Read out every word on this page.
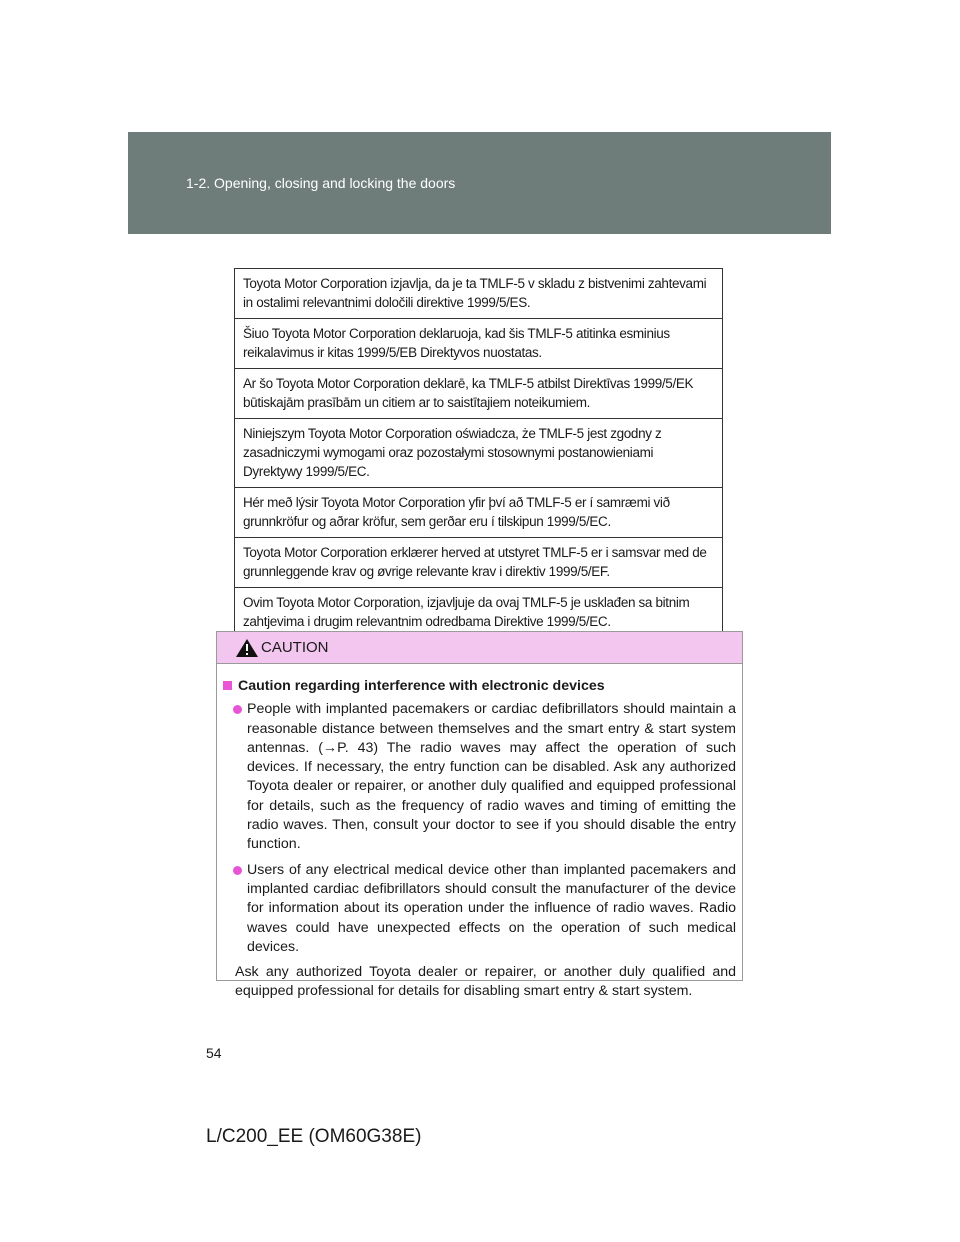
1-2. Opening, closing and locking the doors
Toyota Motor Corporation izjavlja, da je ta TMLF-5 v skladu z bistvenimi zahtevami in ostalimi relevantnimi določili direktive 1999/5/ES.
Šiuo Toyota Motor Corporation deklaruoja, kad šis TMLF-5 atitinka esminius reikalavimus ir kitas 1999/5/EB Direktyvos nuostatas.
Ar šo Toyota Motor Corporation deklarē, ka TMLF-5 atbilst Direktīvas 1999/5/EK būtiskajām prasībām un citiem ar to saistītajiem noteikumiem.
Niniejszym Toyota Motor Corporation oświadcza, że TMLF-5 jest zgodny z zasadniczymi wymogami oraz pozostałymi stosownymi postanowieniami Dyrektywy 1999/5/EC.
Hér með lýsir Toyota Motor Corporation yfir því að TMLF-5 er í samræmi við grunnkröfur og aðrar kröfur, sem gerðar eru í tilskipun 1999/5/EC.
Toyota Motor Corporation erklærer herved at utstyret TMLF-5 er i samsvar med de grunnleggende krav og øvrige relevante krav i direktiv 1999/5/EF.
Ovim Toyota Motor Corporation, izjavljuje da ovaj TMLF-5 je usklađen sa bitnim zahtjevima i drugim relevantnim odredbama Direktive 1999/5/EC.
CAUTION
Caution regarding interference with electronic devices
People with implanted pacemakers or cardiac defibrillators should maintain a reasonable distance between themselves and the smart entry & start system antennas. (→P. 43) The radio waves may affect the operation of such devices. If necessary, the entry function can be disabled. Ask any authorized Toyota dealer or repairer, or another duly qualified and equipped professional for details, such as the frequency of radio waves and timing of emitting the radio waves. Then, consult your doctor to see if you should disable the entry function.
Users of any electrical medical device other than implanted pacemakers and implanted cardiac defibrillators should consult the manufacturer of the device for information about its operation under the influence of radio waves. Radio waves could have unexpected effects on the operation of such medical devices.
Ask any authorized Toyota dealer or repairer, or another duly qualified and equipped professional for details for disabling smart entry & start system.
54
L/C200_EE (OM60G38E)
